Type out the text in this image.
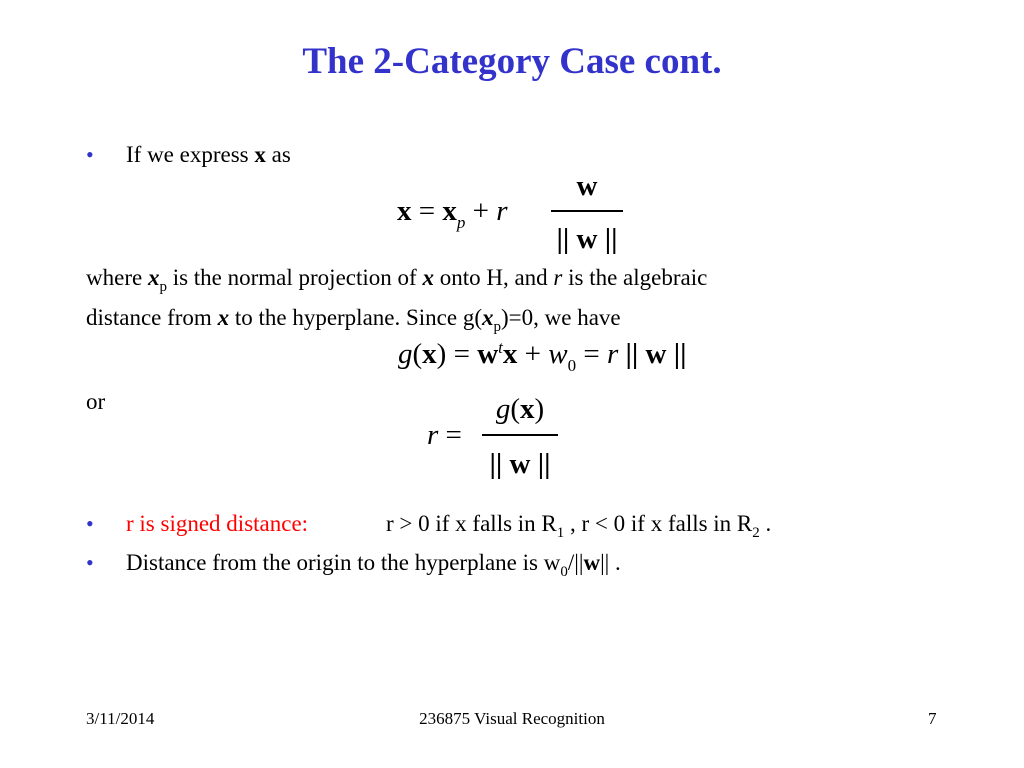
The 2-Category Case cont.
• If we express x as
$x = x_p + r$
w
|| w ||
where $x_p$ is the normal projection of x onto H, and r is the algebraic
distance from x to the hyperplane. Since $g(x_p)=0$, we have
$g(x) = w^tx + w_0 = r$ || w ||
or
r =
g(x)
|| w ||
• r is signed distance:	r > 0 if x falls in $R_1$ , r < 0 if x falls in $R_2$ .
• Distance from the origin to the hyperplane is $w_0/||w||$ .
3/11/2014	236875 Visual Recognition	7
